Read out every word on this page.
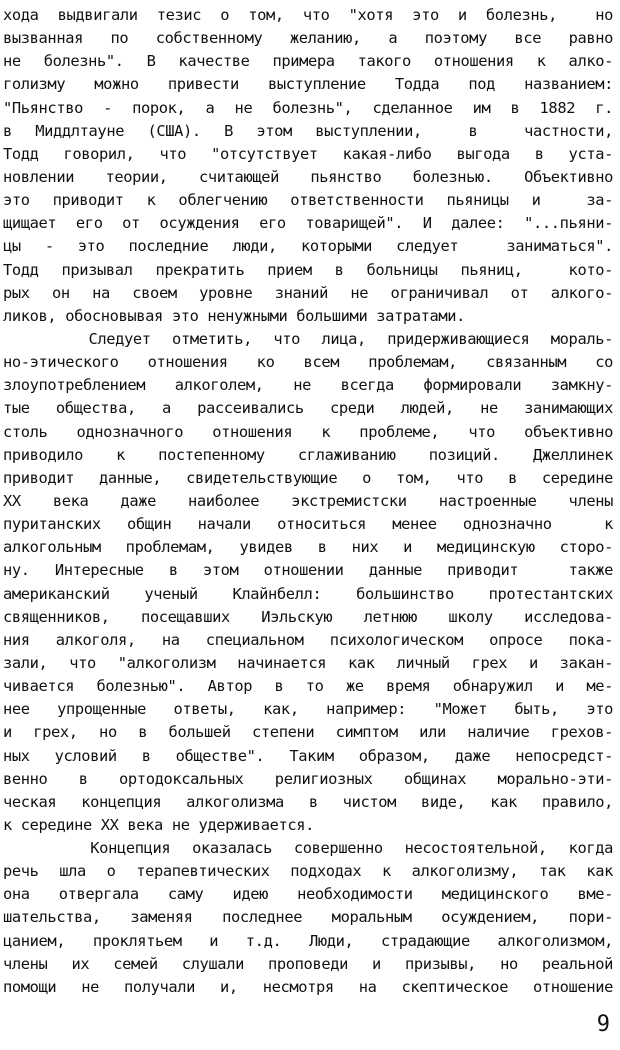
хода выдвигали тезис о том, что "хотя это и болезнь,  но
вызванная по собственному желанию, а поэтому все равно
не болезнь". В качестве примера такого отношения к алко-
голизму можно привести выступление Тодда под названием:
"Пьянство - порок, а не болезнь", сделанное им в 1882 г.
в Миддлтауне (США). В этом выступлении,  в  частности,
Тодд говорил, что "отсутствует какая-либо выгода в уста-
новлении теории, считающей пьянство болезнью. Объективно
это приводит к облегчению ответственности пьяницы и  за-
щищает его от осуждения его товарищей". И далее: "...пьяни-
цы - это последние люди, которыми следует  заниматься".
Тодд призывал прекратить прием в больницы пьяниц,  кото-
рых он на своем уровне знаний не ограничивал от алкого-
ликов, обосновывая это ненужными большими затратами.
Следует отметить, что лица, придерживающиеся мораль-
но-этического отношения ко всем проблемам, связанным со
злоупотреблением алкоголем, не всегда формировали замкну-
тые общества, а рассеивались среди людей, не занимающих
столь однозначного отношения к проблеме, что объективно
приводило к постепенному сглаживанию позиций. Джеллинек
приводит данные, свидетельствующие о том, что в середине
XX века даже наиболее экстремистски настроенные члены
пуританских общин начали относиться менее однозначно  к
алкогольным проблемам, увидев в них и медицинскую сторо-
ну. Интересные в этом отношении данные приводит  также
американский ученый Клайнбелл: большинство протестантских
священников, посещавших Иэльскую летнюю школу исследова-
ния алкоголя, на специальном психологическом опросе пока-
зали, что "алкоголизм начинается как личный грех и закан-
чивается болезнью". Автор в то же время обнаружил и ме-
нее упрощенные ответы, как, например: "Может быть, это
и грех, но в большей степени симптом или наличие грехов-
ных условий в обществе". Таким образом, даже непосредст-
венно в ортодоксальных религиозных общинах морально-эти-
ческая концепция алкоголизма в чистом виде, как правило,
к середине XX века не удерживается.
Концепция оказалась совершенно несостоятельной, когда
речь шла о терапевтических подходах к алкоголизму, так как
она отвергала саму идею необходимости медицинского вме-
шательства, заменяя последнее моральным осуждением, пори-
цанием, проклятьем и т.д. Люди, страдающие алкоголизмом,
члены их семей слушали проповеди и призывы, но реальной
помощи не получали и, несмотря на скептическое отношение
9
